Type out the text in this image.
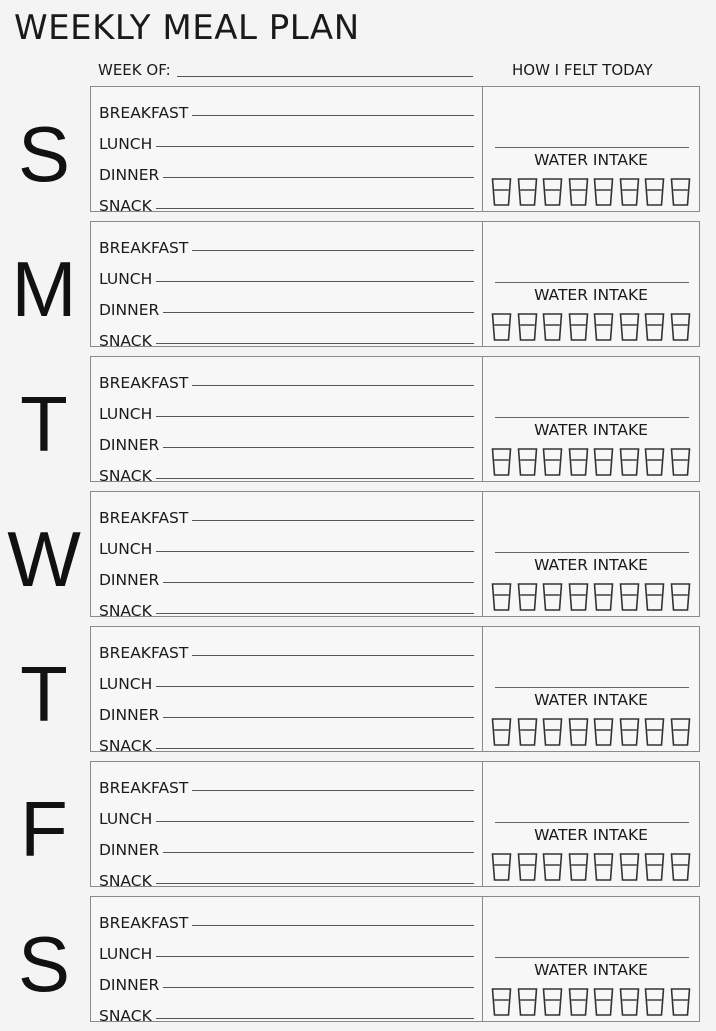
WEEKLY MEAL PLAN
WEEK OF:	HOW I FELT TODAY
S	BREAKFAST
LUNCH
DINNER
SNACK
WATER INTAKE
M	BREAKFAST
LUNCH
DINNER
SNACK
WATER INTAKE
T	BREAKFAST
LUNCH
DINNER
SNACK
WATER INTAKE
W	BREAKFAST
LUNCH
DINNER
SNACK
WATER INTAKE
T	BREAKFAST
LUNCH
DINNER
SNACK
WATER INTAKE
F	BREAKFAST
LUNCH
DINNER
SNACK
WATER INTAKE
S	BREAKFAST
LUNCH
DINNER
SNACK
WATER INTAKE
